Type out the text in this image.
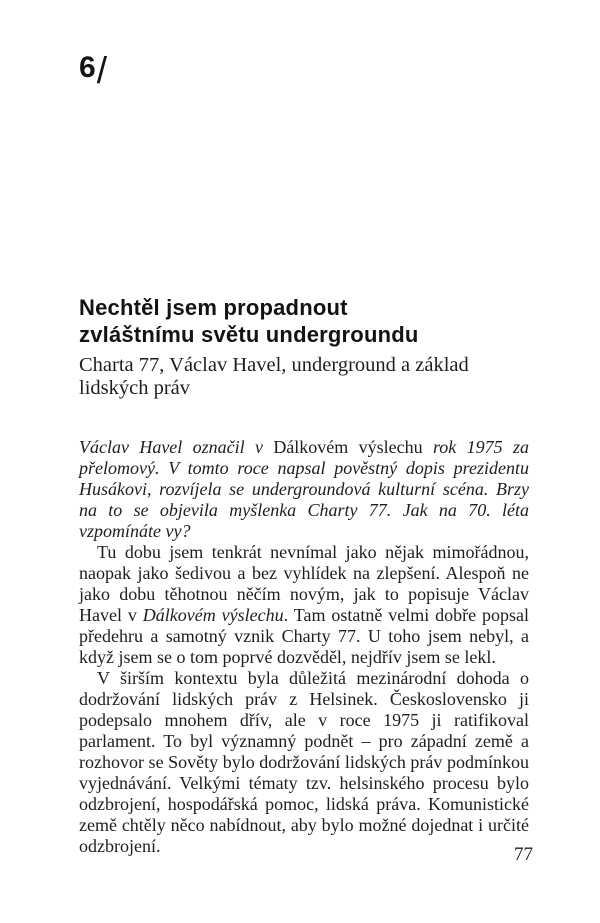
6/
Nechtěl jsem propadnout
zvláštnímu světu undergroundu
Charta 77, Václav Havel, underground a základ
lidských práv

Václav Havel označil v Dálkovém výslechu rok 1975 za přelomový. V tomto roce napsal pověstný dopis prezidentu Husákovi, rozvíjela se undergroundová kulturní scéna. Brzy na to se objevila myšlenka Charty 77. Jak na 70. léta vzpomínáte vy?

Tu dobu jsem tenkrát nevnímal jako nějak mimořádnou, naopak jako šedivou a bez vyhlídek na zlepšení. Alespoň ne jako dobu těhotnou něčím novým, jak to popisuje Václav Havel v Dálkovém výslechu. Tam ostatně velmi dobře popsal předehru a samotný vznik Charty 77. U toho jsem nebyl, a když jsem se o tom poprvé dozvěděl, nejdřív jsem se lekl.

V širším kontextu byla důležitá mezinárodní dohoda o dodržování lidských práv z Helsinek. Československo ji podepsalo mnohem dřív, ale v roce 1975 ji ratifikoval parlament. To byl významný podnět – pro západní země a rozhovor se Sověty bylo dodržování lidských práv podmínkou vyjednávání. Velkými tématy tzv. helsinského procesu bylo odzbrojení, hospodářská pomoc, lidská práva. Komunistické země chtěly něco nabídnout, aby bylo možné dojednat i určité odzbrojení.	77
